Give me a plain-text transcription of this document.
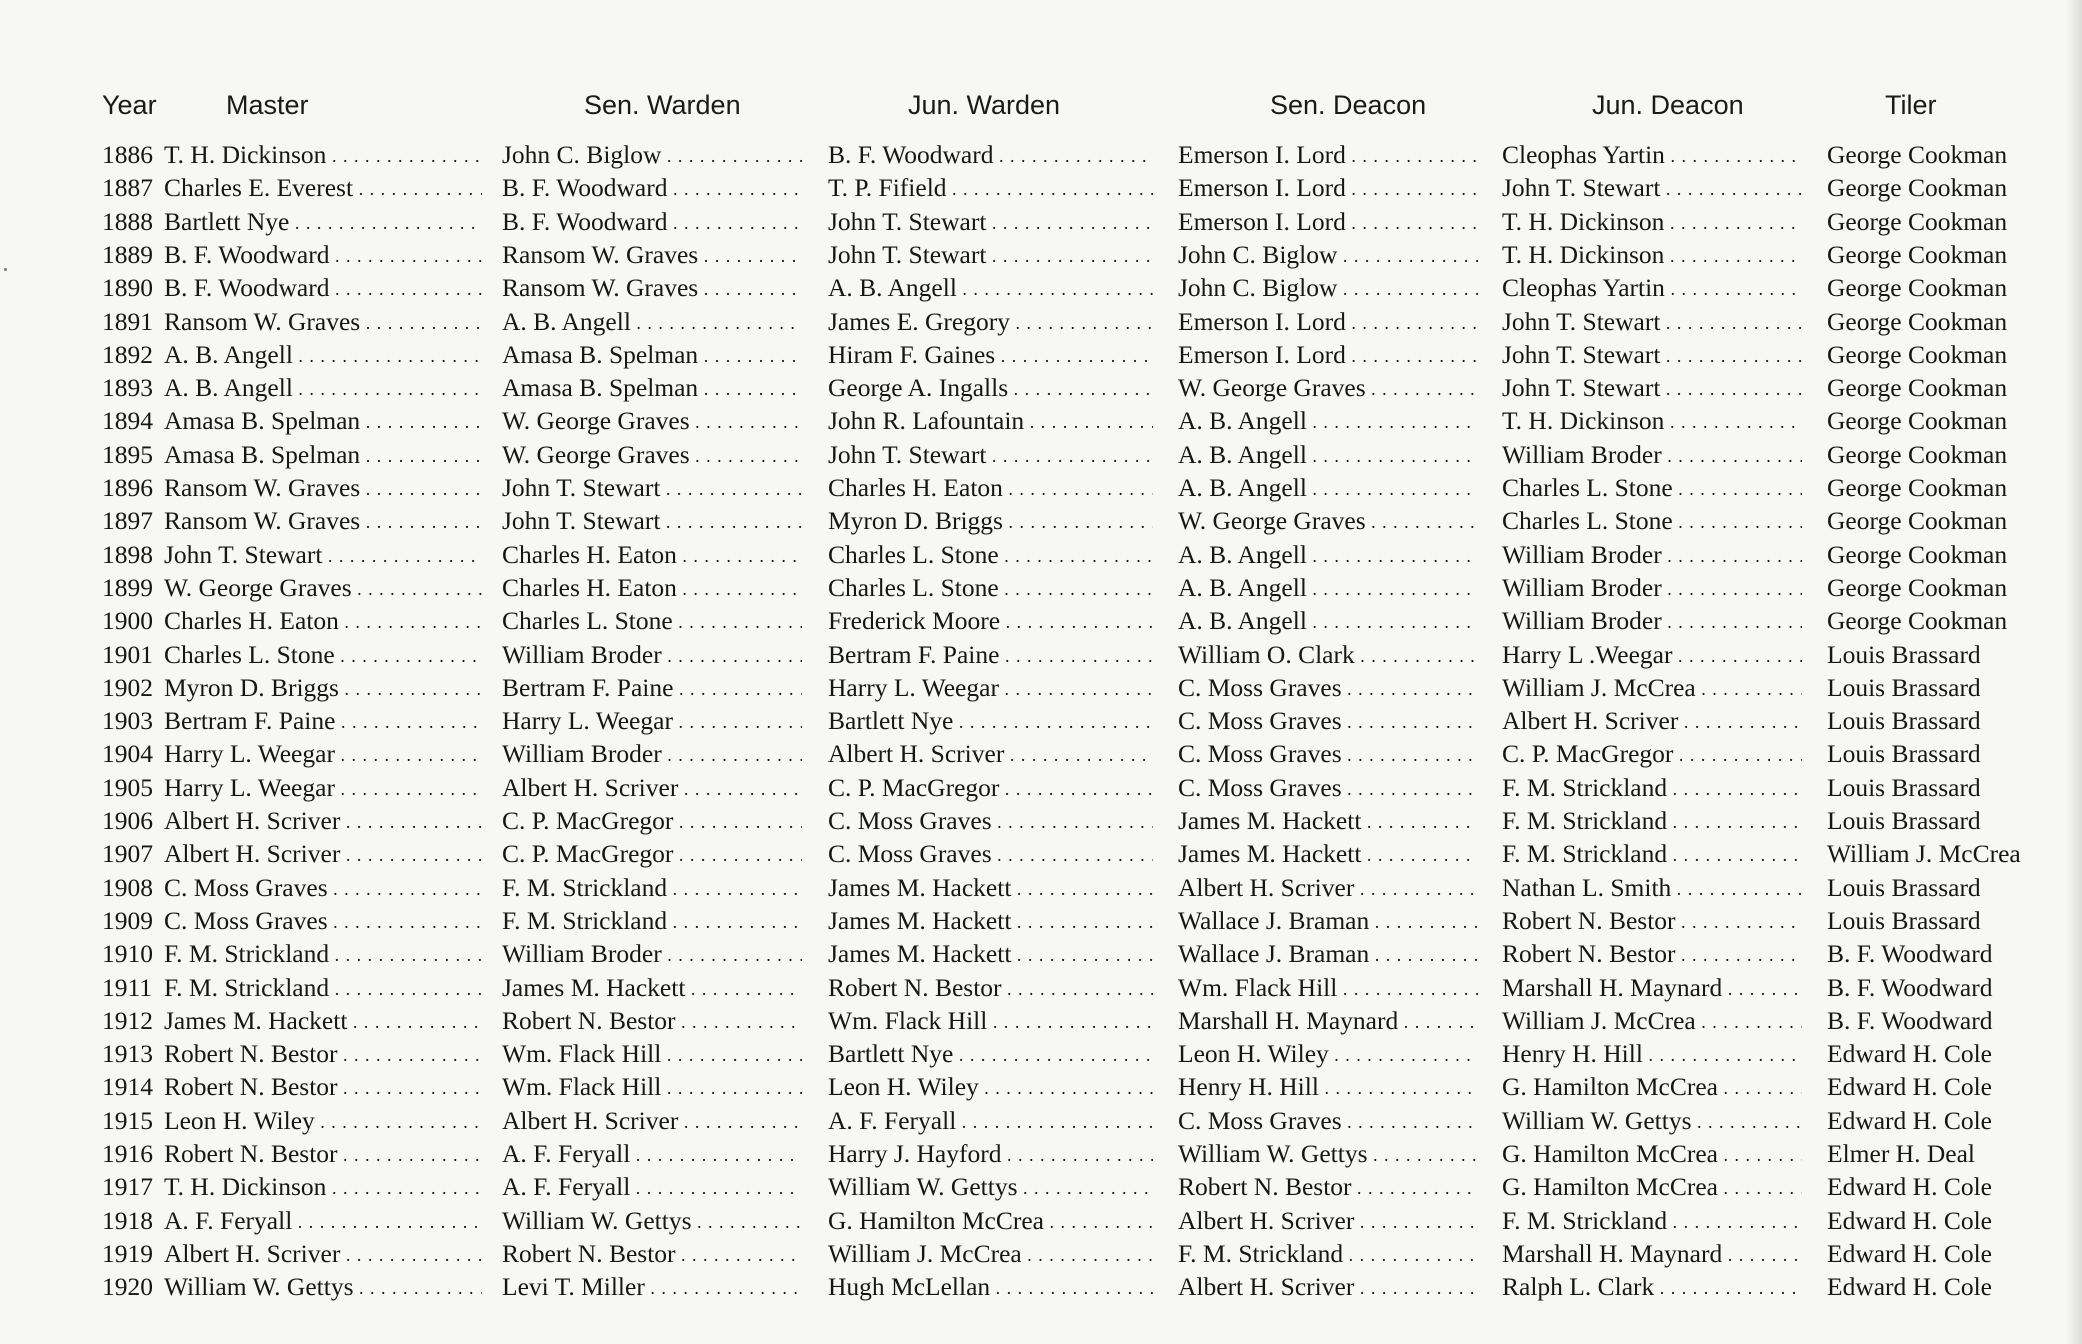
Year	Master	Sen. Warden	Jun. Warden	Sen. Deacon	Jun. Deacon	Tiler
1886 T. H. Dickinson . . .	John C. Biglow . . .	B. F. Woodward . . .	Emerson I. Lord . . .	Cleophas Yartin . . .	George Cookman
1887 Charles E. Everest . . .	B. F. Woodward . . .	T. P. Fifield . . .	Emerson I. Lord . . .	John T. Stewart . . .	George Cookman
1888 Bartlett Nye . . .	B. F. Woodward . . .	John T. Stewart . . .	Emerson I. Lord . . .	T. H. Dickinson . . .	George Cookman
1889 B. F. Woodward . . .	Ransom W. Graves . . .	John T. Stewart . . .	John C. Biglow . . .	T. H. Dickinson . . .	George Cookman
1890 B. F. Woodward . . .	Ransom W. Graves . . .	A. B. Angell . . .	John C. Biglow . . .	Cleophas Yartin . . .	George Cookman
1891 Ransom W. Graves . . .	A. B. Angell . . .	James E. Gregory . . .	Emerson I. Lord . . .	John T. Stewart . . .	George Cookman
1892 A. B. Angell . . .	Amasa B. Spelman . . .	Hiram F. Gaines . . .	Emerson I. Lord . . .	John T. Stewart . . .	George Cookman
1893 A. B. Angell . . .	Amasa B. Spelman . . .	George A. Ingalls . . .	W. George Graves . . .	John T. Stewart . . .	George Cookman
1894 Amasa B. Spelman . . .	W. George Graves . . .	John R. Lafountain . . .	A. B. Angell . . .	T. H. Dickinson . . .	George Cookman
1895 Amasa B. Spelman . . .	W. George Graves . . .	John T. Stewart . . .	A. B. Angell . . .	William Broder . . .	George Cookman
1896 Ransom W. Graves . . .	John T. Stewart . . .	Charles H. Eaton . . .	A. B. Angell . . .	Charles L. Stone . . .	George Cookman
1897 Ransom W. Graves . . .	John T. Stewart . . .	Myron D. Briggs . . .	W. George Graves . . .	Charles L. Stone . . .	George Cookman
1898 John T. Stewart . . .	Charles H. Eaton . . .	Charles L. Stone . . .	A. B. Angell . . .	William Broder . . .	George Cookman
1899 W. George Graves . . .	Charles H. Eaton . . .	Charles L. Stone . . .	A. B. Angell . . .	William Broder . . .	George Cookman
1900 Charles H. Eaton . . .	Charles L. Stone . . .	Frederick Moore . . .	A. B. Angell . . .	William Broder . . .	George Cookman
1901 Charles L. Stone . . .	William Broder . . .	Bertram F. Paine . . .	William O. Clark . . .	Harry L .Weegar . . .	Louis Brassard
1902 Myron D. Briggs . . .	Bertram F. Paine . . .	Harry L. Weegar . . .	C. Moss Graves . . .	William J. McCrea . . .	Louis Brassard
1903 Bertram F. Paine . . .	Harry L. Weegar . . .	Bartlett Nye . . .	C. Moss Graves . . .	Albert H. Scriver . . .	Louis Brassard
1904 Harry L. Weegar . . .	William Broder . . .	Albert H. Scriver . . .	C. Moss Graves . . .	C. P. MacGregor . . .	Louis Brassard
1905 Harry L. Weegar . . .	Albert H. Scriver . . .	C. P. MacGregor . . .	C. Moss Graves . . .	F. M. Strickland . . .	Louis Brassard
1906 Albert H. Scriver . . .	C. P. MacGregor . . .	C. Moss Graves . . .	James M. Hackett . . .	F. M. Strickland . . .	Louis Brassard
1907 Albert H. Scriver . . .	C. P. MacGregor . . .	C. Moss Graves . . .	James M. Hackett . . .	F. M. Strickland . . .	William J. McCrea
1908 C. Moss Graves . . .	F. M. Strickland . . .	James M. Hackett . . .	Albert H. Scriver . . .	Nathan L. Smith . . .	Louis Brassard
1909 C. Moss Graves . . .	F. M. Strickland . . .	James M. Hackett . . .	Wallace J. Braman . . .	Robert N. Bestor . . .	Louis Brassard
1910 F. M. Strickland . . .	William Broder . . .	James M. Hackett . . .	Wallace J. Braman . . .	Robert N. Bestor . . .	B. F. Woodward
1911 F. M. Strickland . . .	James M. Hackett . . .	Robert N. Bestor . . .	Wm. Flack Hill . . .	Marshall H. Maynard . . .	B. F. Woodward
1912 James M. Hackett . . .	Robert N. Bestor . . .	Wm. Flack Hill . . .	Marshall H. Maynard . . .	William J. McCrea . . .	B. F. Woodward
1913 Robert N. Bestor . . .	Wm. Flack Hill . . .	Bartlett Nye . . .	Leon H. Wiley . . .	Henry H. Hill . . .	Edward H. Cole
1914 Robert N. Bestor . . .	Wm. Flack Hill . . .	Leon H. Wiley . . .	Henry H. Hill . . .	G. Hamilton McCrea . . .	Edward H. Cole
1915 Leon H. Wiley . . .	Albert H. Scriver . . .	A. F. Feryall . . .	C. Moss Graves . . .	William W. Gettys . . .	Edward H. Cole
1916 Robert N. Bestor . . .	A. F. Feryall . . .	Harry J. Hayford . . .	William W. Gettys . . .	G. Hamilton McCrea . . .	Elmer H. Deal
1917 T. H. Dickinson . . .	A. F. Feryall . . .	William W. Gettys . . .	Robert N. Bestor . . .	G. Hamilton McCrea . . .	Edward H. Cole
1918 A. F. Feryall . . .	William W. Gettys . . .	G. Hamilton McCrea . . .	Albert H. Scriver . . .	F. M. Strickland . . .	Edward H. Cole
1919 Albert H. Scriver . . .	Robert N. Bestor . . .	William J. McCrea . . .	F. M. Strickland . . .	Marshall H. Maynard . . .	Edward H. Cole
1920 William W. Gettys . . .	Levi T. Miller . . .	Hugh McLellan . . .	Albert H. Scriver . . .	Ralph L. Clark . . .	Edward H. Cole
